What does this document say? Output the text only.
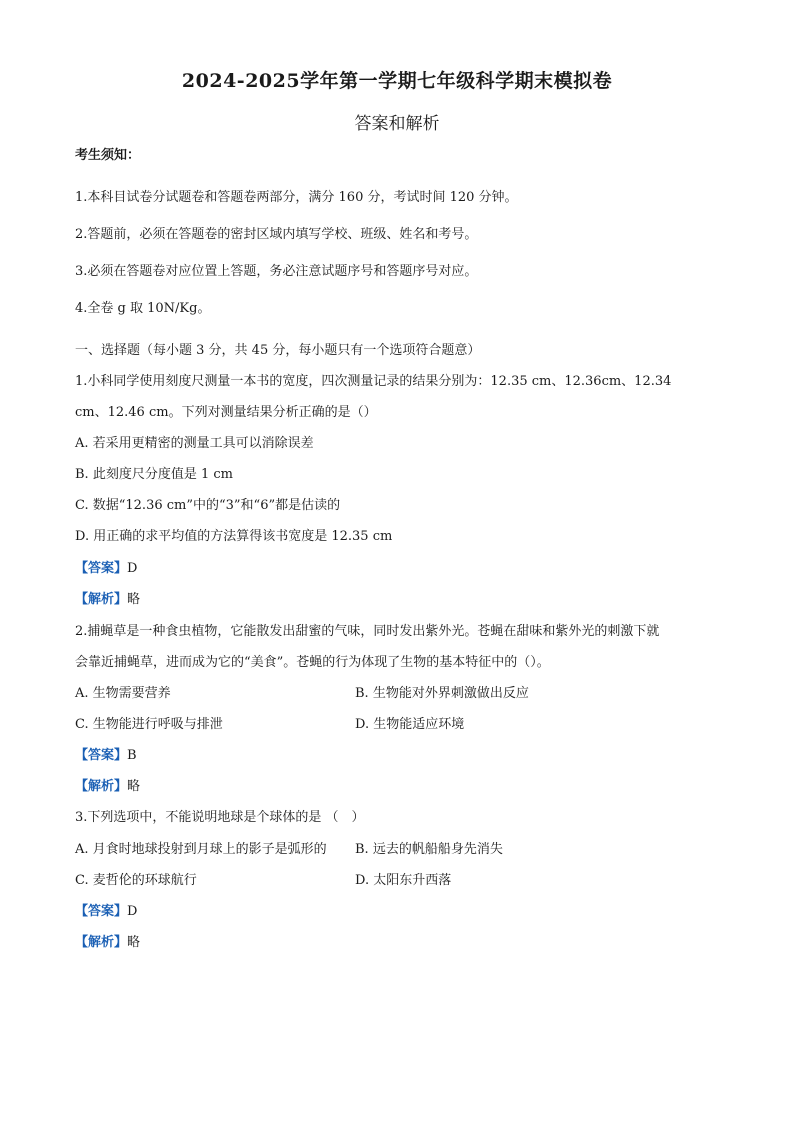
2024-2025学年第一学期七年级科学期末模拟卷
答案和解析
考生须知：
1.本科目试卷分试题卷和答题卷两部分，满分 160 分，考试时间 120 分钟。
2.答题前，必须在答题卷的密封区域内填写学校、班级、姓名和考号。
3.必须在答题卷对应位置上答题，务必注意试题序号和答题序号对应。
4.全卷 g 取 10N/Kg。
一、选择题（每小题 3 分，共 45 分，每小题只有一个选项符合题意）
1.小科同学使用刻度尺测量一本书的宽度，四次测量记录的结果分别为：12.35 cm、12.36cm、12.34
cm、12.46 cm。下列对测量结果分析正确的是（）
A. 若采用更精密的测量工具可以消除误差
B. 此刻度尺分度值是 1 cm
C. 数据“12.36 cm”中的“3”和“6”都是估读的
D. 用正确的求平均值的方法算得该书宽度是 12.35 cm
【答案】D
【解析】略
2.捕蝇草是一种食虫植物，它能散发出甜蜜的气味，同时发出紫外光。苍蝇在甜味和紫外光的刺激下就
会靠近捕蝇草，进而成为它的“美食”。苍蝇的行为体现了生物的基本特征中的（）。
A. 生物需要营养	B. 生物能对外界刺激做出反应
C. 生物能进行呼吸与排泄	D. 生物能适应环境
【答案】B
【解析】略
3.下列选项中，不能说明地球是个球体的是 （　）
A. 月食时地球投射到月球上的影子是弧形的 B. 远去的帆船船身先消失
C. 麦哲伦的环球航行	D. 太阳东升西落
【答案】D
【解析】略
